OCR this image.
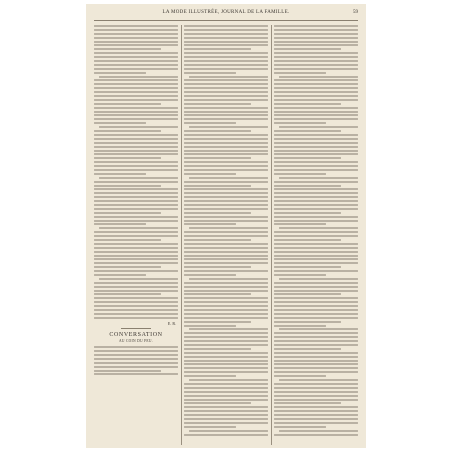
LA MODE ILLUSTRÉE, JOURNAL DE LA FAMILLE.	59
E. R.
CONVERSATION
AU COIN DU FEU.
